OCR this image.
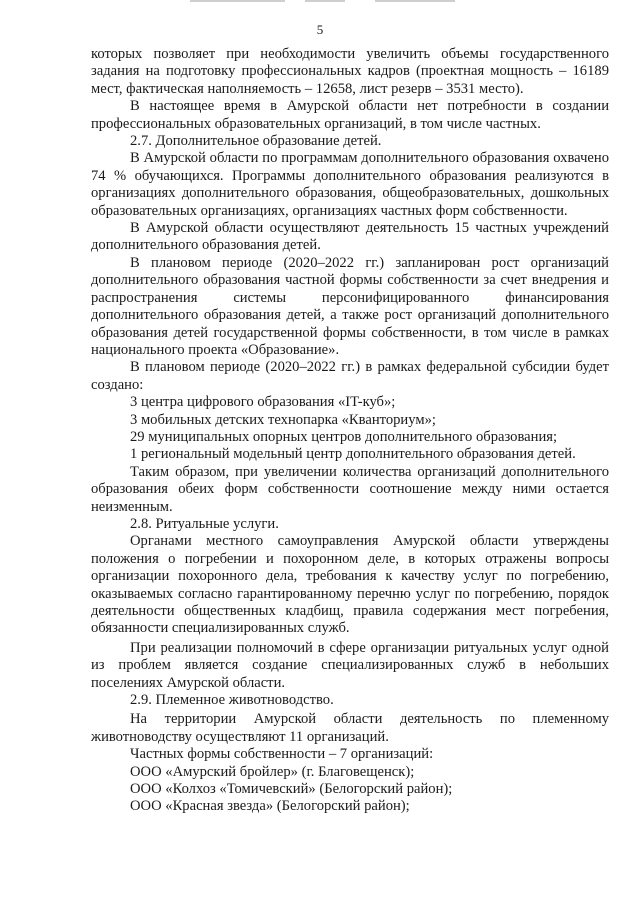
5

которых позволяет при необходимости увеличить объемы государственного задания на подготовку профессиональных кадров (проектная мощность – 16189 мест, фактическая наполняемость – 12658, лист резерв – 3531 место).

В настоящее время в Амурской области нет потребности в создании профессиональных образовательных организаций, в том числе частных.

2.7. Дополнительное образование детей.

В Амурской области по программам дополнительного образования охвачено 74 % обучающихся. Программы дополнительного образования реализуются в организациях дополнительного образования, общеобразовательных, дошкольных образовательных организациях, организациях частных форм собственности.

В Амурской области осуществляют деятельность 15 частных учреждений дополнительного образования детей.

В плановом периоде (2020–2022 гг.) запланирован рост организаций дополнительного образования частной формы собственности за счет внедрения и распространения системы персонифицированного финансирования дополнительного образования детей, а также рост организаций дополнительного образования детей государственной формы собственности, в том числе в рамках национального проекта «Образование».

В плановом периоде (2020–2022 гг.) в рамках федеральной субсидии будет создано:

3 центра цифрового образования «IT-куб»;

3 мобильных детских технопарка «Кванториум»;

29 муниципальных опорных центров дополнительного образования;

1 региональный модельный центр дополнительного образования детей.

Таким образом, при увеличении количества организаций дополнительного образования обеих форм собственности соотношение между ними остается неизменным.

2.8. Ритуальные услуги.

Органами местного самоуправления Амурской области утверждены положения о погребении и похоронном деле, в которых отражены вопросы организации похоронного дела, требования к качеству услуг по погребению, оказываемых согласно гарантированному перечню услуг по погребению, порядок деятельности общественных кладбищ, правила содержания мест погребения, обязанности специализированных служб.

При реализации полномочий в сфере организации ритуальных услуг одной из проблем является создание специализированных служб в небольших поселениях Амурской области.

2.9. Племенное животноводство.

На территории Амурской области деятельность по племенному животноводству осуществляют 11 организаций.

Частных формы собственности – 7 организаций:

ООО «Амурский бройлер» (г. Благовещенск);

ООО «Колхоз «Томичевский» (Белогорский район);

ООО «Красная звезда» (Белогорский район);
